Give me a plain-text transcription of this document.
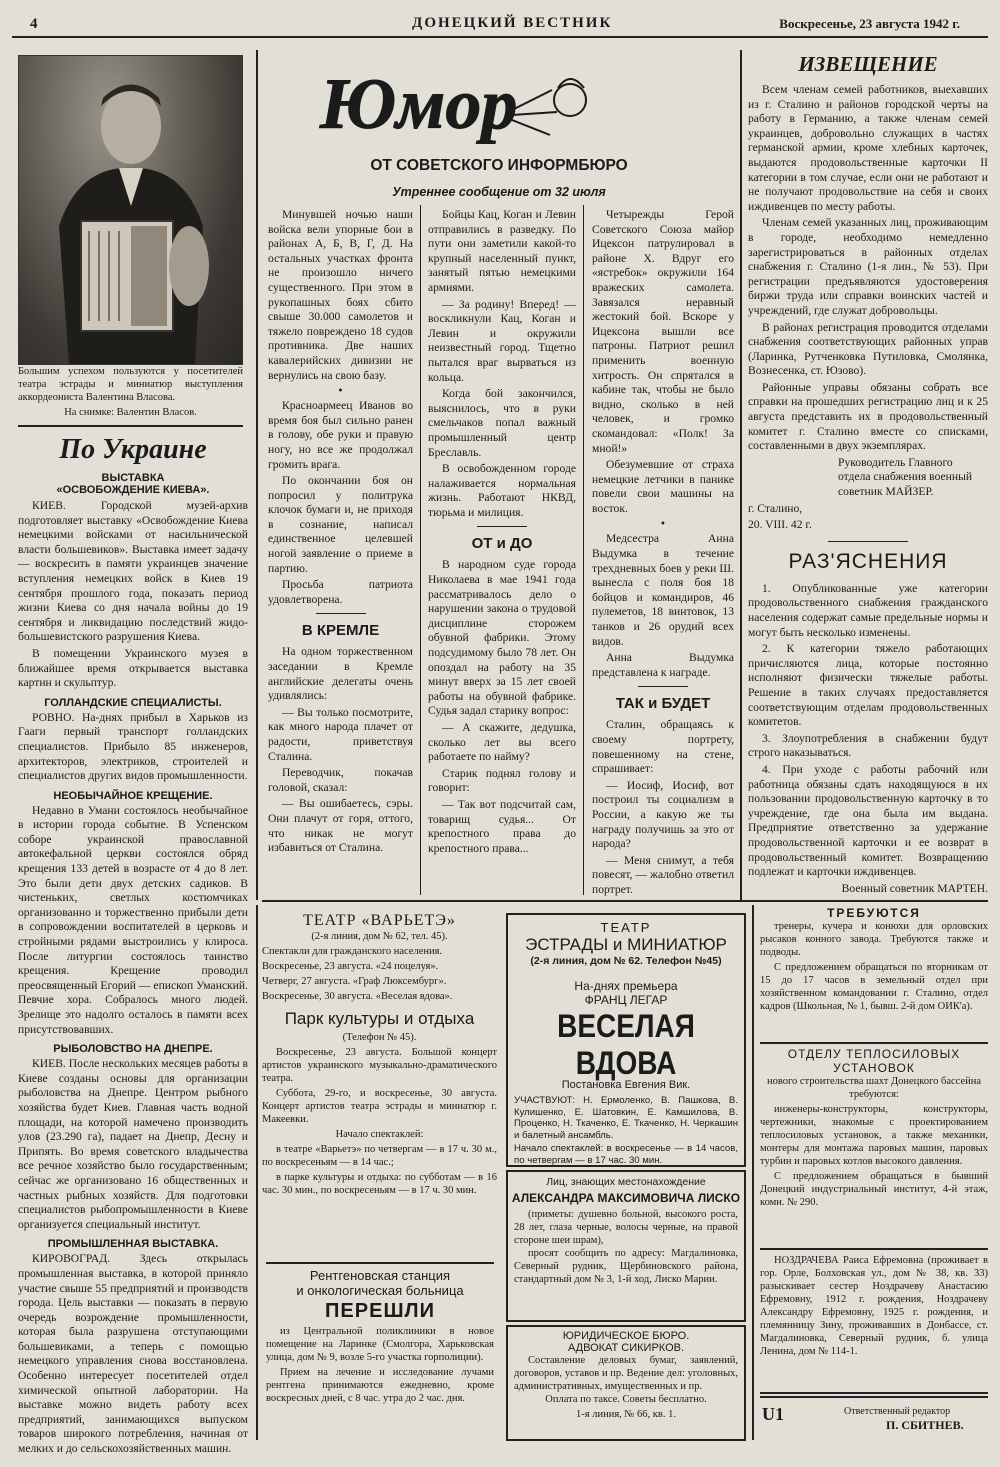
4	ДОНЕЦКИЙ ВЕСТНИК	Воскресенье, 23 августа 1942 г.

Большим успехом пользуются у посетителей театра эстрады и миниатюр выступления аккордеониста Валентина Власова.

На снимке: Валентин Власов.

По Украине
ВЫСТАВКА
«ОСВОБОЖДЕНИЕ КИЕВА».

КИЕВ. Городской музей-архив подготовляет выставку «Освобождение Киева немецкими войсками от насильнической власти большевиков». Выставка имеет задачу — воскресить в памяти украинцев значение вступления немецких войск в Киев 19 сентября прошлого года, показать период жизни Киева со дня начала войны до 19 сентября и ликвидацию последствий жидо-большевистского разрушения Киева.

В помещении Украинского музея в ближайшее время открывается выставка картин и скульптур.

ГОЛЛАНДСКИЕ СПЕЦИАЛИСТЫ.

РОВНО. На-днях прибыл в Харьков из Гааги первый транспорт голландских специалистов. Прибыло 85 инженеров, архитекторов, электриков, строителей и специалистов других видов промышленности.

НЕОБЫЧАЙНОЕ КРЕЩЕНИЕ.

Недавно в Умани состоялось необычайное в истории города событие. В Успенском соборе украинской православной автокефальной церкви состоялся обряд крещения 133 детей в возрасте от 4 до 8 лет. Это были дети двух детских садиков. В чистеньких, светлых костюмчиках организованно и торжественно прибыли дети в сопровождении воспитателей в церковь и стройными рядами выстроились у клироса. После литургии состоялось таинство крещения. Крещение проводил преосвященный Егорий — епископ Уманский. Певчие хора. Собралось много людей. Зрелище это надолго осталось в памяти всех присутствовавших.

РЫБОЛОВСТВО НА ДНЕПРЕ.

КИЕВ. После нескольких месяцев работы в Киеве созданы основы для организации рыболовства на Днепре. Центром рыбного хозяйства будет Киев. Главная часть водной площади, на которой намечено производить улов (23.290 га), падает на Днепр, Десну и Припять. Во время советского владычества все речное хозяйство было государственным; сейчас же организовано 16 общественных и частных рыбных хозяйств. Для подготовки специалистов рыбопромышленности в Киеве организуется специальный институт.

ПРОМЫШЛЕННАЯ ВЫСТАВКА.

КИРОВОГРАД. Здесь открылась промышленная выставка, в которой приняло участие свыше 55 предприятий и производств города. Цель выставки — показать в первую очередь возрождение промышленности, которая была разрушена отступающими большевиками, а теперь с помощью немецкого управления снова восстановлена. Особенно интересует посетителей отдел химической опытной лаборатории. На выставке можно видеть работу всех предприятий, занимающихся выпуском товаров широкого потребления, начиная от мелких и до сельскохозяйственных машин.

Юмор
ОТ СОВЕТСКОГО ИНФОРМБЮРО
Утреннее сообщение от 32 июля

Минувшей ночью наши войска вели упорные бои в районах А, Б, В, Г, Д. На остальных участках фронта не произошло ничего существенного. При этом в рукопашных боях сбито свыше 30.000 самолетов и тяжело повреждено 18 судов противника. Две наших кавалерийских дивизии не вернулись на свою базу.

•

Красноармеец Иванов во время боя был сильно ранен в голову, обе руки и правую ногу, но все же продолжал громить врага.

По окончании боя он попросил у политрука клочок бумаги и, не приходя в сознание, написал единственное целевшей ногой заявление о приеме в партию.

Просьба патриота удовлетворена.

В КРЕМЛЕ

На одном торжественном заседании в Кремле английские делегаты очень удивлялись:

— Вы только посмотрите, как много народа плачет от радости, приветствуя Сталина.

Переводчик, покачав головой, сказал:

— Вы ошибаетесь, сэры. Они плачут от горя, оттого, что никак не могут избавиться от Сталина.

Бойцы Кац, Коган и Левин отправились в разведку. По пути они заметили какой-то крупный населенный пункт, занятый пятью немецкими армиями.

— За родину! Вперед! — воскликнули Кац, Коган и Левин и окружили неизвестный город. Тщетно пытался враг вырваться из кольца.

Когда бой закончился, выяснилось, что в руки смельчаков попал важный промышленный центр Бреславль.

В освобожденном городе налаживается нормальная жизнь. Работают НКВД, тюрьма и милиция.

ОТ и ДО

В народном суде города Николаева в мае 1941 года рассматривалось дело о нарушении закона о трудовой дисциплине сторожем обувной фабрики. Этому подсудимому было 78 лет. Он опоздал на работу на 35 минут вверх за 15 лет своей работы на обувной фабрике. Судья задал старику вопрос:

— А скажите, дедушка, сколько лет вы всего работаете по найму?

Старик поднял голову и говорит:

— Так вот подсчитай сам, товарищ судья... От крепостного права до крепостного права...

Четырежды Герой Советского Союза майор Ицексон патрулировал в районе Х. Вдруг его «ястребок» окружили 164 вражеских самолета. Завязался неравный жестокий бой. Вскоре у Ицексона вышли все патроны. Патриот решил применить военную хитрость. Он спрятался в кабине так, чтобы не было видно, сколько в ней человек, и громко скомандовал: «Полк! За мной!»

Обезумевшие от страха немецкие летчики в панике повели свои машины на восток.

•

Медсестра Анна Выдумка в течение трехдневных боев у реки Ш. вынесла с поля боя 18 бойцов и командиров, 46 пулеметов, 18 винтовок, 13 танков и 26 орудий всех видов.

Анна Выдумка представлена к награде.

ТАК и БУДЕТ

Сталин, обращаясь к своему портрету, повешенному на стене, спрашивает:

— Иосиф, Иосиф, вот построил ты социализм в России, а какую же ты награду получишь за это от народа?

— Меня снимут, а тебя повесят, — жалобно ответил портрет.

ИЗВЕЩЕНИЕ

Всем членам семей работников, выехавших из г. Сталино и районов городской черты на работу в Германию, а также членам семей украинцев, добровольно служащих в частях германской армии, кроме хлебных карточек, выдаются продовольственные карточки II категории в том случае, если они не работают и не получают продовольствие на себя и своих иждивенцев по месту работы.

Членам семей указанных лиц, проживающим в городе, необходимо немедленно зарегистрироваться в районных отделах снабжения г. Сталино (1-я лин., № 53). При регистрации предъявляются удостоверения биржи труда или справки воинских частей и учреждений, где служат добровольцы.

В районах регистрация проводится отделами снабжения соответствующих районных управ (Ларинка, Рутченковка Путиловка, Смолянка, Вознесенка, ст. Юзово).

Районные управы обязаны собрать все справки на прошедших регистрацию лиц и к 25 августа представить их в продовольственный комитет г. Сталино вместе со списками, составленными в двух экземплярах.

Руководитель Главного отдела снабжения военный советник МАЙЗЕР.

г. Сталино,

20. VIII. 42 г.

РАЗ'ЯСНЕНИЯ

1. Опубликованные уже категории продовольственного снабжения гражданского населения содержат самые предельные нормы и могут быть несколько изменены.

2. К категории тяжело работающих причисляются лица, которые постоянно исполняют физически тяжелые работы. Решение в таких случаях предоставляется соответствующим отделам продовольственных комитетов.

3. Злоупотребления в снабжении будут строго наказываться.

4. При уходе с работы рабочий или работница обязаны сдать находящуюся в их пользовании продовольственную карточку в то учреждение, где она была им выдана. Предприятие ответственно за удержание продовольственной карточки и ее возврат в продовольственный комитет. Возвращению подлежат и карточки иждивенцев.

Военный советник МАРТЕН.

ТЕАТР «ВАРЬЕТЭ»

(2-я линия, дом № 62, тел. 45).

Спектакли для гражданского населения.

Воскресенье, 23 августа. «24 поцелуя».

Четверг, 27 августа. «Граф Люксембург».

Воскресенье, 30 августа. «Веселая вдова».

Парк культуры и отдыха

(Телефон № 45).

Воскресенье, 23 августа. Большой концерт артистов украинского музыкально-драматического театра.

Суббота, 29-го, и воскресенье, 30 августа. Концерт артистов театра эстрады и миниатюр г. Макеевки.

Начало спектаклей:

в театре «Варьетэ» по четвергам — в 17 ч. 30 м., по воскресеньям — в 14 час.;

в парке культуры и отдыха: по субботам — в 16 час. 30 мин., по воскресеньям — в 17 ч. 30 мин.

Рентгеновская станция
и онкологическая больница
ПЕРЕШЛИ

из Центральной поликлиники в новое помещение на Ларинке (Смолгора, Харьковская улица, дом № 9, возле 5-го участка горполиции).

Прием на лечение и исследование лучами рентгена принимаются ежедневно, кроме воскресных дней, с 8 час. утра до 2 час. дня.

ТЕАТР
ЭСТРАДЫ и МИНИАТЮР
(2-я линия, дом № 62. Телефон №45)
На-днях премьера
ФРАНЦ ЛЕГАР
ВЕСЕЛАЯ ВДОВА
Постановка Евгения Вик.

УЧАСТВУЮТ: Н. Ермоленко, В. Пашкова, В. Кулишенко, Е. Шатовкин, Е. Камшилова, В. Проценко, Н. Ткаченко, Е. Ткаченко, Н. Черкашин и балетный ансамбль.

Начало спектаклей: в воскресенье — в 14 часов, по четвергам — в 17 час. 30 мин.

Лиц, знающих местонахождение
АЛЕКСАНДРА МАКСИМОВИЧА ЛИСКО

(приметы: душевно больной, высокого роста, 28 лет, глаза черные, волосы черные, на правой стороне шеи шрам),

просят сообщить по адресу: Магдалиновка, Северный рудник, Щербиновского района, стандартный дом № 3, 1-й ход, Лиско Марии.

ЮРИДИЧЕСКОЕ БЮРО.
АДВОКАТ СИКИРКОВ.

Составление деловых бумаг, заявлений, договоров, уставов и пр. Ведение дел: уголовных, административных, имущественных и пр.

Оплата по таксе. Советы бесплатно.

1-я линия, № 66, кв. 1.

ТРЕБУЮТСЯ

тренеры, кучера и конюхи для орловских рысаков конного завода. Требуются также и подводы.

С предложением обращаться по вторникам от 15 до 17 часов в земельный отдел при хозяйственном командовании г. Сталино, отдел кадров (Школьная, № 1, бывш. 2-й дом ОИК'а).

ОТДЕЛУ ТЕПЛОСИЛОВЫХ
УСТАНОВОК

нового строительства шахт Донецкого бассейна требуются:

инженеры-конструкторы, конструкторы, чертежники, знакомые с проектированием теплосиловых установок, а также механики, монтеры для монтажа паровых машин, паровых турбин и паровых котлов высокого давления.

С предложением обращаться в бывший Донецкий индустриальный институт, 4-й этаж, комн. № 290.

НОЗДРАЧЕВА Раиса Ефремовна (проживает в гор. Орле, Болховская ул., дом № 38, кв. 33) разыскивает сестер Ноздрачеву Анастасию Ефремовну, 1912 г. рождения, Ноздрачеву Александру Ефремовну, 1925 г. рождения, и племянницу Зину, проживавших в Донбассе, ст. Магдалиновка, Северный рудник, б. улица Ленина, дом № 114-1.

U1	Ответственный редактор
П. СБИТНЕВ.
